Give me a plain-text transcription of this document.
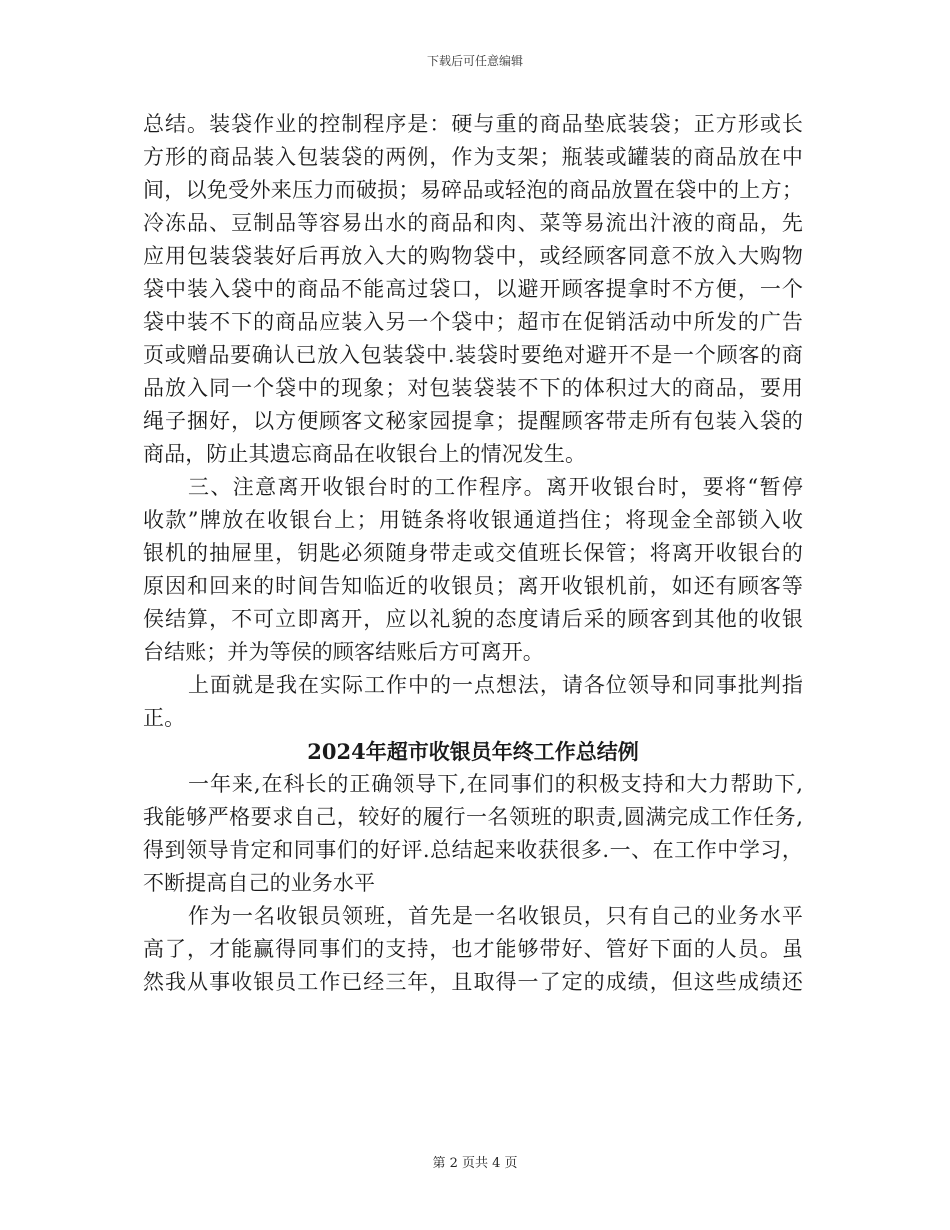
下载后可任意编辑
总结。装袋作业的控制程序是：硬与重的商品垫底装袋；正方形或长
方形的商品装入包装袋的两例，作为支架；瓶装或罐装的商品放在中
间，以免受外来压力而破损；易碎品或轻泡的商品放置在袋中的上方；
冷冻品、豆制品等容易出水的商品和肉、菜等易流出汁液的商品，先
应用包装袋装好后再放入大的购物袋中，或经顾客同意不放入大购物
袋中装入袋中的商品不能高过袋口，以避开顾客提拿时不方便，一个
袋中装不下的商品应装入另一个袋中；超市在促销活动中所发的广告
页或赠品要确认已放入包装袋中.装袋时要绝对避开不是一个顾客的商
品放入同一个袋中的现象；对包装袋装不下的体积过大的商品，要用
绳子捆好，以方便顾客文秘家园提拿；提醒顾客带走所有包装入袋的
商品，防止其遗忘商品在收银台上的情况发生。
三、注意离开收银台时的工作程序。离开收银台时，要将“暂停
收款”牌放在收银台上；用链条将收银通道挡住；将现金全部锁入收
银机的抽屉里，钥匙必须随身带走或交值班长保管；将离开收银台的
原因和回来的时间告知临近的收银员；离开收银机前，如还有顾客等
侯结算，不可立即离开，应以礼貌的态度请后采的顾客到其他的收银
台结账；并为等侯的顾客结账后方可离开。
上面就是我在实际工作中的一点想法，请各位领导和同事批判指
正。
2024年超市收银员年终工作总结例
一年来,在科长的正确领导下,在同事们的积极支持和大力帮助下,
我能够严格要求自己，较好的履行一名领班的职责,圆满完成工作任务,
得到领导肯定和同事们的好评.总结起来收获很多.一、在工作中学习，
不断提高自己的业务水平
作为一名收银员领班，首先是一名收银员，只有自己的业务水平
高了，才能赢得同事们的支持，也才能够带好、管好下面的人员。虽
然我从事收银员工作已经三年，且取得一了定的成绩，但这些成绩还
第 2 页共 4 页
